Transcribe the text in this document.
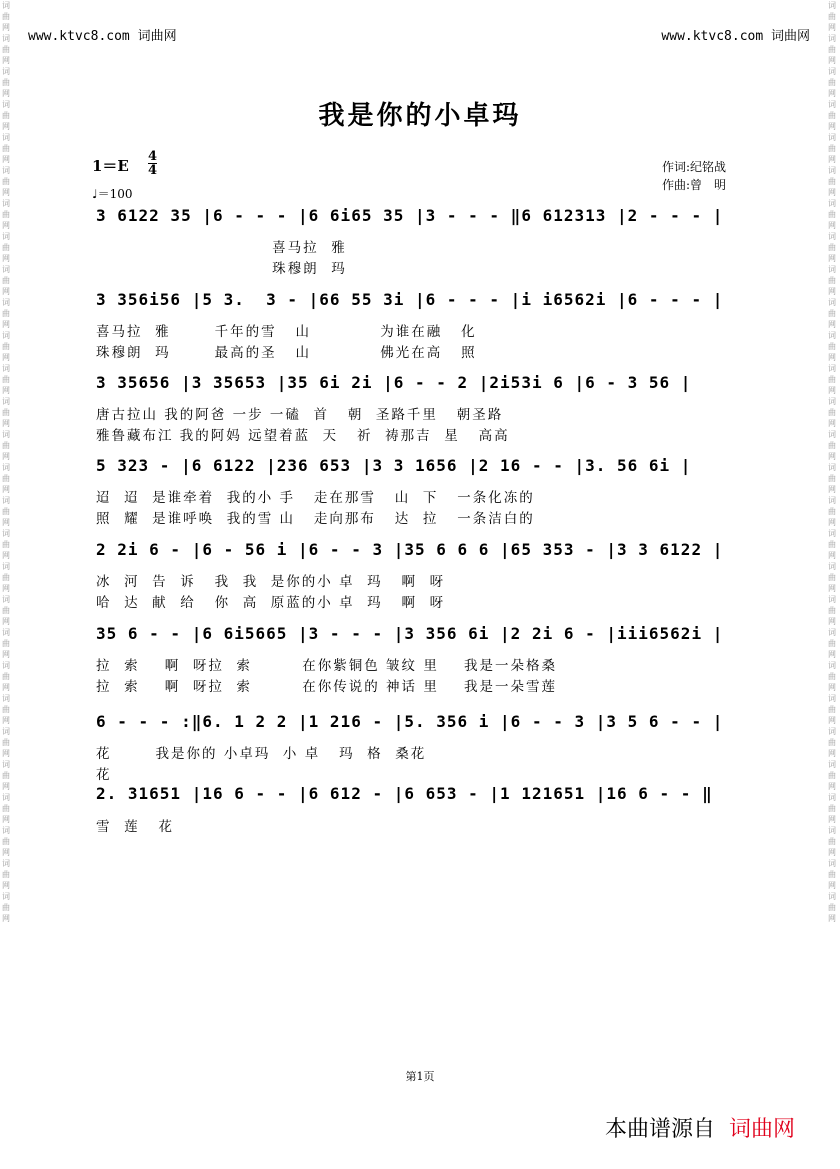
www.ktvc8.com 词曲网	www.ktvc8.com 词曲网
词曲网词曲网词曲网词曲网词曲网词曲网词曲网词曲网词曲网词曲网词曲网词曲网词曲网词曲网词曲网词曲网词曲网词曲网词曲网词曲网词曲网词曲网词曲网词曲网词曲网词曲网词曲网词曲网
词曲网词曲网词曲网词曲网词曲网词曲网词曲网词曲网词曲网词曲网词曲网词曲网词曲网词曲网词曲网词曲网词曲网词曲网词曲网词曲网词曲网词曲网词曲网词曲网词曲网词曲网词曲网词曲网
我是你的小卓玛
$1=E \frac{4}{4}$
♩＝100
作词:纪铭战
作曲:曾　明
3 6122 35 |6 - - - |6 6i65 35 |3 - - - ‖6 612313 |2 - - - |
喜马拉  雅
珠穆朗  玛
3 356i56 |5 3.  3 - |66 55 3i |6 - - - |i i6562i |6 - - - |
喜马拉  雅       千年的雪   山           为谁在融   化
珠穆朗  玛       最高的圣   山           佛光在高   照
3 35656 |3 35653 |35 6i 2i |6 - - 2 |2i53i 6 |6 - 3 56 |
唐古拉山 我的阿爸 一步 一磕  首   朝  圣路千里   朝圣路
雅鲁藏布江 我的阿妈 远望着蓝  天   祈  祷那吉  星   高高
5 323 - |6 6122 |236 653 |3 3 1656 |2 16 - - |3. 56 6i |
迢  迢  是谁牵着  我的小 手   走在那雪   山  下   一条化冻的
照  耀  是谁呼唤  我的雪 山   走向那布   达  拉   一条洁白的
2 2i 6 - |6 - 56 i |6 - - 3 |35 6 6 6 |65 353 - |3 3 6122 |
冰  河  告  诉   我  我  是你的小 卓  玛   啊  呀
哈  达  献  给   你  高  原蓝的小 卓  玛   啊  呀
35 6 - - |6 6i5665 |3 - - - |3 356 6i |2 2i 6 - |iii6562i |
拉  索    啊  呀拉  索        在你紫铜色 皱纹 里    我是一朵格桑
拉  索    啊  呀拉  索        在你传说的 神话 里    我是一朵雪莲
6 - - - :‖6. 1 2 2 |1 216 - |5. 356 i |6 - - 3 |3 5 6 - - |
花       我是你的 小卓玛  小 卓   玛  格  桑花
花
2. 31651 |16 6 - - |6 612 - |6 653 - |1 121651 |16 6 - - ‖
雪  莲   花
第1页
本曲谱源自 词曲网
